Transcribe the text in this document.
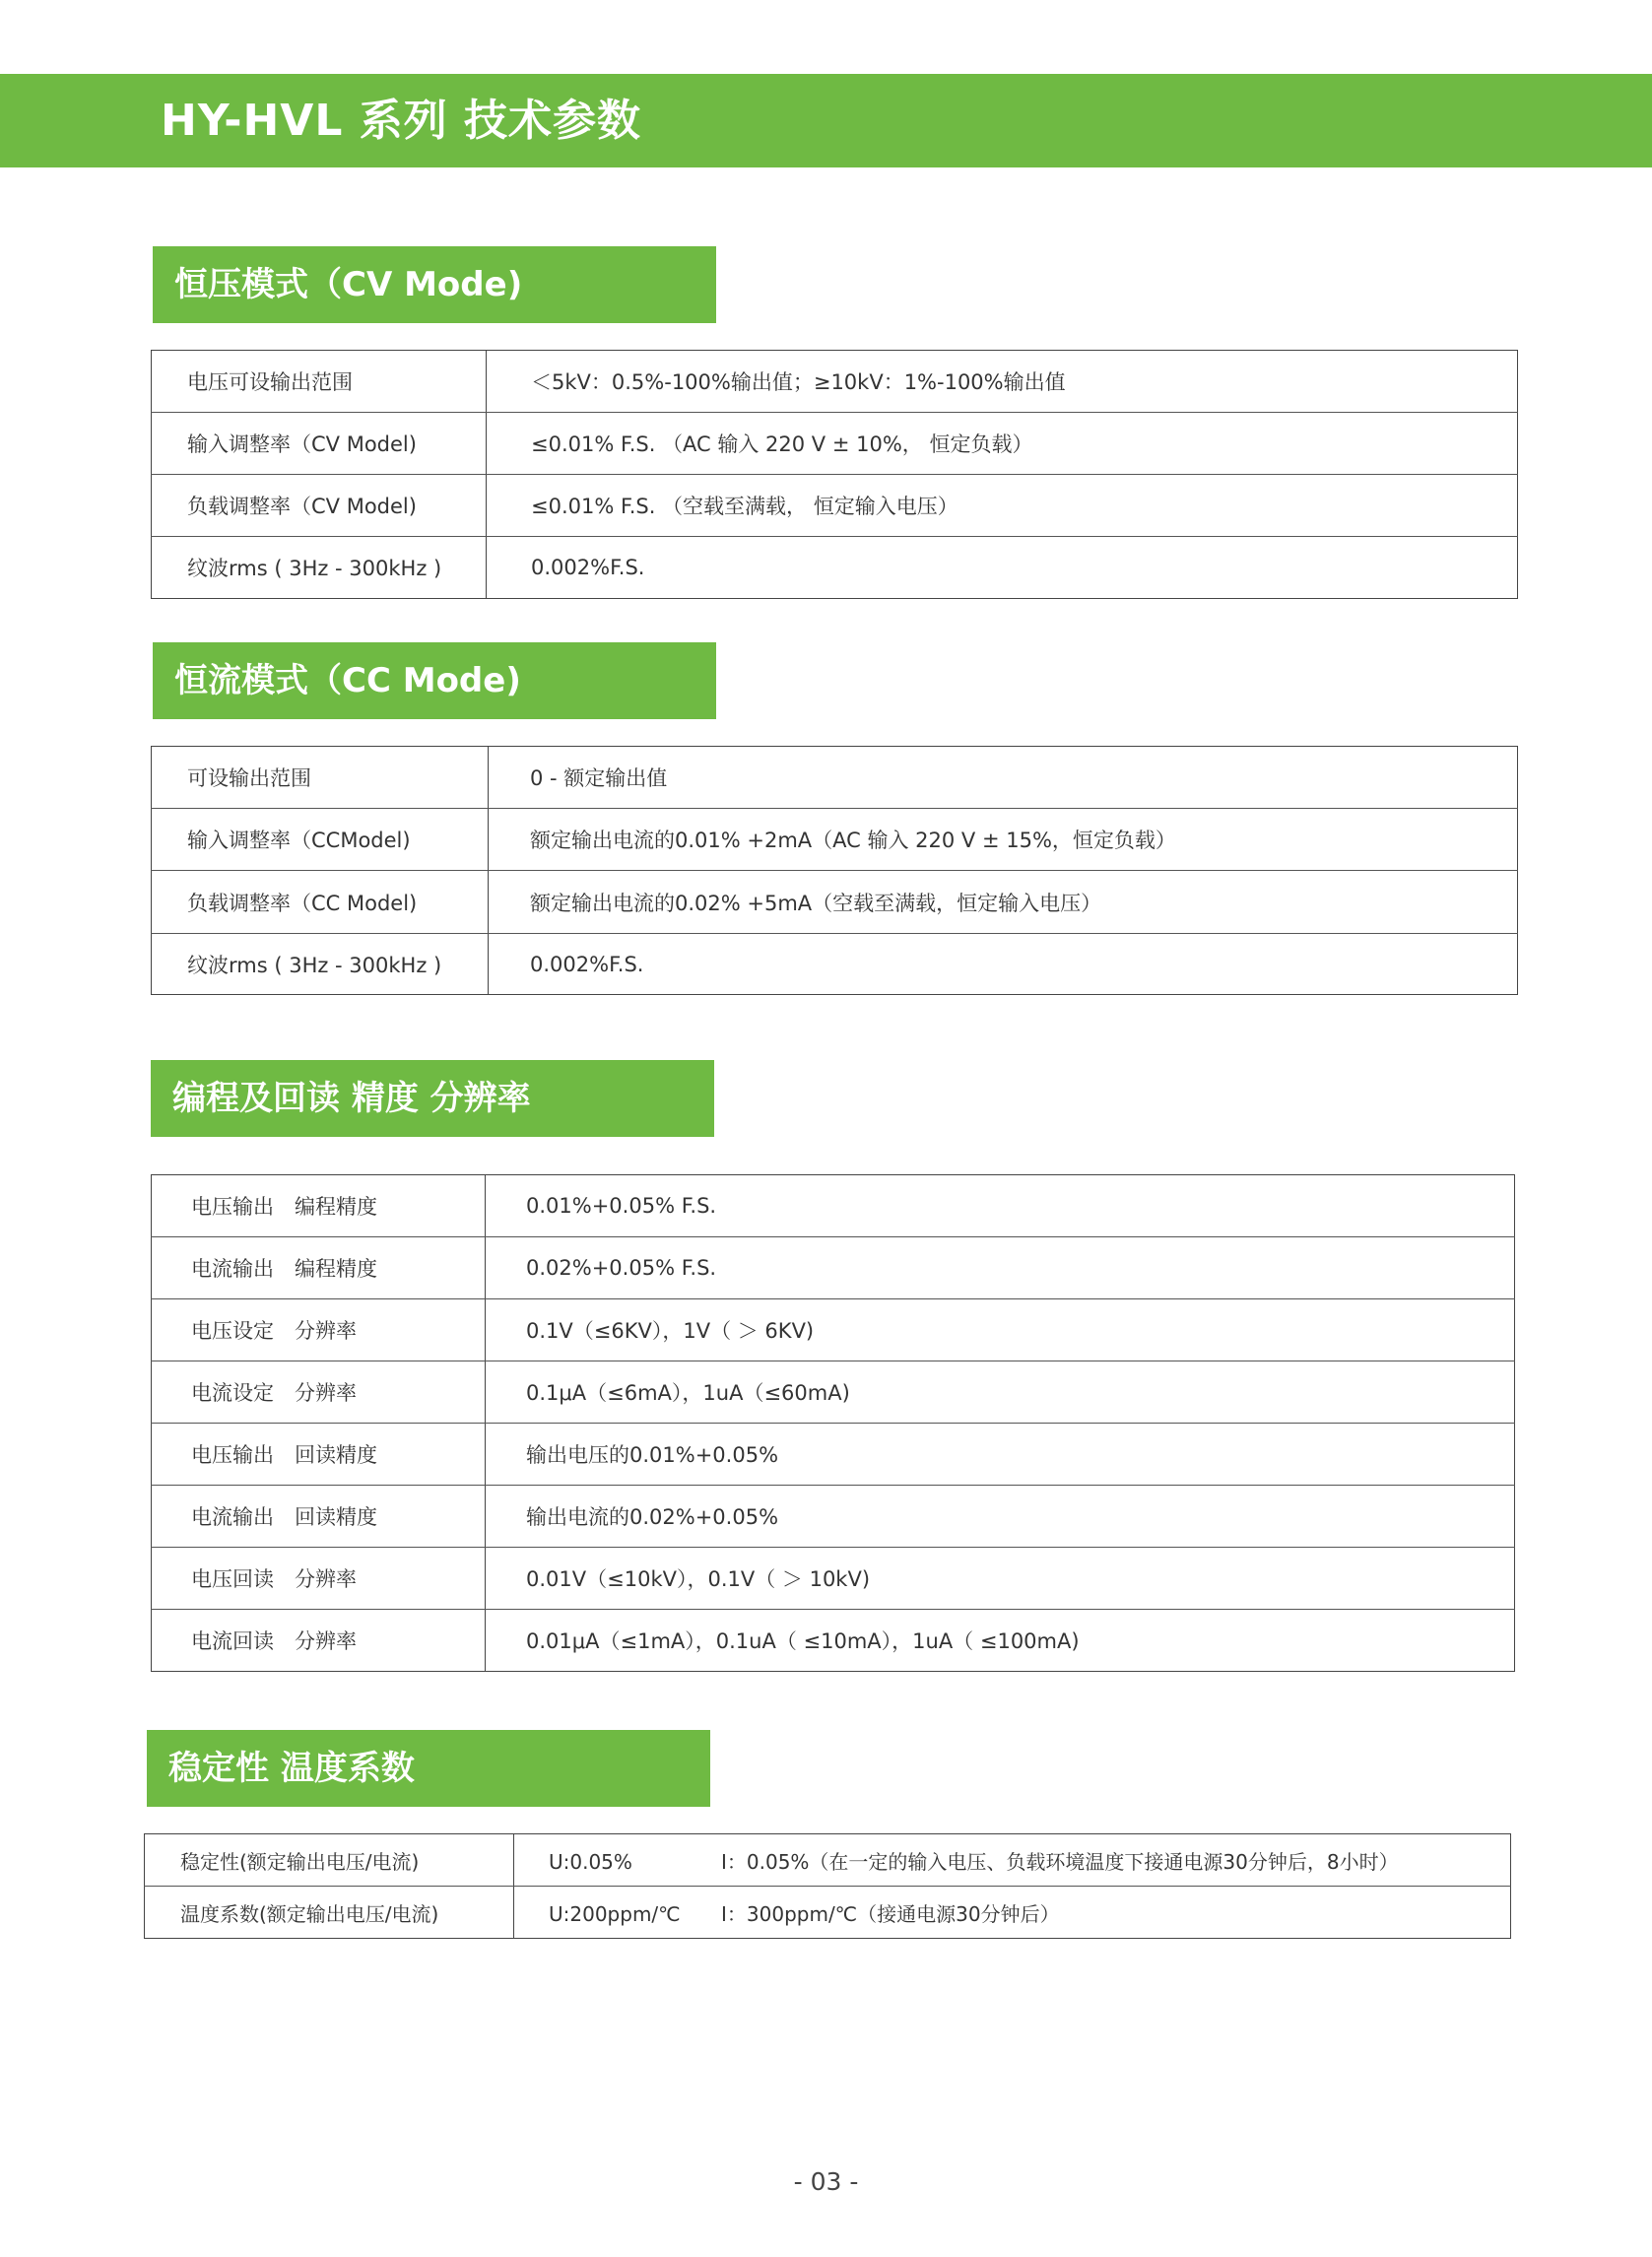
HY-HVL 系列 技术参数
恒压模式（CV Mode)
电压可设输出范围	＜5kV：0.5%-100%输出值；≥10kV：1%-100%输出值
输入调整率（CV Model)	≤0.01% F.S. （AC 输入 220 V ± 10%， 恒定负载）
负载调整率（CV Model)	≤0.01% F.S. （空载至满载， 恒定输入电压）
纹波rms ( 3Hz - 300kHz )	0.002%F.S.
恒流模式（CC Mode)
可设输出范围	0 - 额定输出值
输入调整率（CCModel)	额定输出电流的0.01% +2mA（AC 输入 220 V ± 15%，恒定负载）
负载调整率（CC Model)	额定输出电流的0.02% +5mA（空载至满载，恒定输入电压）
纹波rms ( 3Hz - 300kHz )	0.002%F.S.
编程及回读 精度 分辨率
电压输出　编程精度	0.01%+0.05% F.S.
电流输出　编程精度	0.02%+0.05% F.S.
电压设定　分辨率	0.1V（≤6KV），1V（ ＞ 6KV)
电流设定　分辨率	0.1μA（≤6mA），1uA（≤60mA)
电压输出　回读精度	输出电压的0.01%+0.05%
电流输出　回读精度	输出电流的0.02%+0.05%
电压回读　分辨率	0.01V（≤10kV），0.1V（ ＞ 10kV)
电流回读　分辨率	0.01μA（≤1mA），0.1uA（ ≤10mA），1uA（ ≤100mA)
稳定性 温度系数
稳定性(额定输出电压/电流)	U:0.05% I：0.05%（在一定的输入电压、负载环境温度下接通电源30分钟后，8小时）
温度系数(额定输出电压/电流)	U:200ppm/℃ I：300ppm/℃（接通电源30分钟后）
- 03 -
